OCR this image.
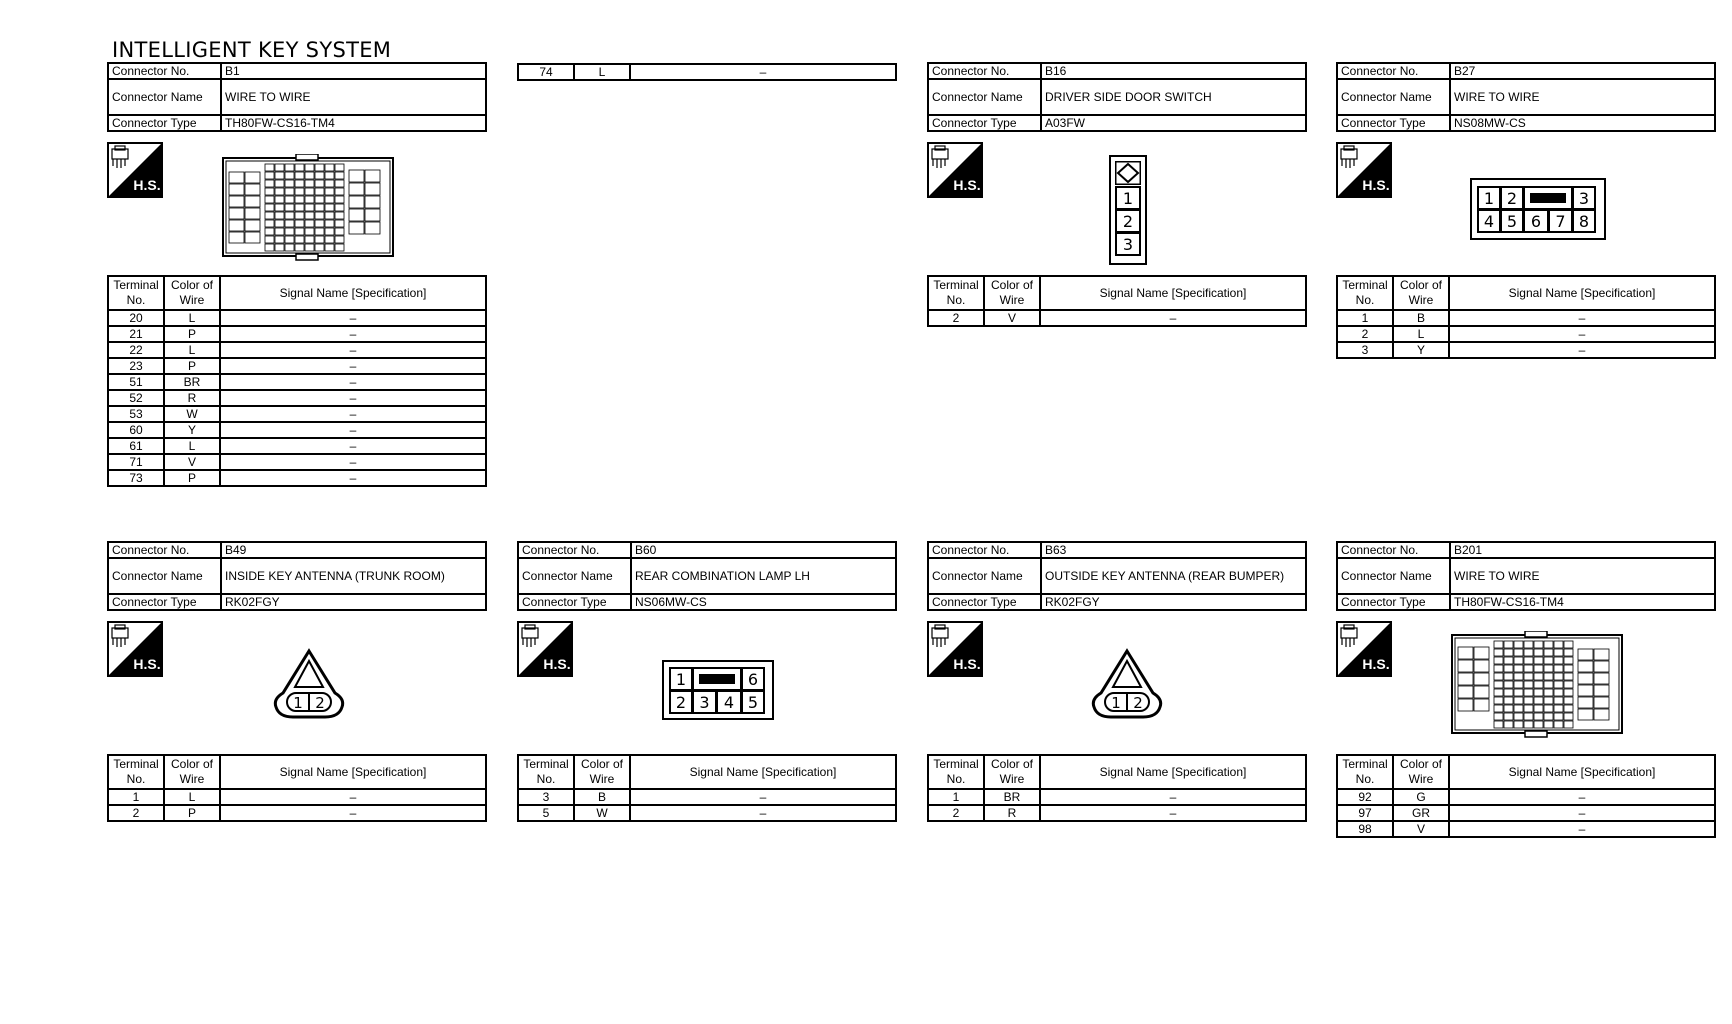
INTELLIGENT KEY SYSTEM
74	L	–
Connector No.	B1
Connector Name	WIRE TO WIRE
Connector Type	TH80FW-CS16-TM4
H.S.
Terminal No.	Color of Wire	Signal Name [Specification]
20	L	–
21	P	–
22	L	–
23	P	–
51	BR	–
52	R	–
53	W	–
60	Y	–
61	L	–
71	V	–
73	P	–
Connector No.	B16
Connector Name	DRIVER SIDE DOOR SWITCH
Connector Type	A03FW
H.S.
1
2
3
Terminal No.	Color of Wire	Signal Name [Specification]
2	V	–
Connector No.	B27
Connector Name	WIRE TO WIRE
Connector Type	NS08MW-CS
H.S.
1 2	3
4 5 6 7 8
Terminal No.	Color of Wire	Signal Name [Specification]
1	B	–
2	L	–
3	Y	–
Connector No.	B49
Connector Name	INSIDE KEY ANTENNA (TRUNK ROOM)
Connector Type	RK02FGY
H.S.
1 2
Terminal No.	Color of Wire	Signal Name [Specification]
1	L	–
2	P	–
Connector No.	B60
Connector Name	REAR COMBINATION LAMP LH
Connector Type	NS06MW-CS
H.S.
1	6
2 3 4 5
Terminal No.	Color of Wire	Signal Name [Specification]
3	B	–
5	W	–
Connector No.	B63
Connector Name	OUTSIDE KEY ANTENNA (REAR BUMPER)
Connector Type	RK02FGY
H.S.
1 2
Terminal No.	Color of Wire	Signal Name [Specification]
1	BR	–
2	R	–
Connector No.	B201
Connector Name	WIRE TO WIRE
Connector Type	TH80FW-CS16-TM4
H.S.
Terminal No.	Color of Wire	Signal Name [Specification]
92	G	–
97	GR	–
98	V	–
